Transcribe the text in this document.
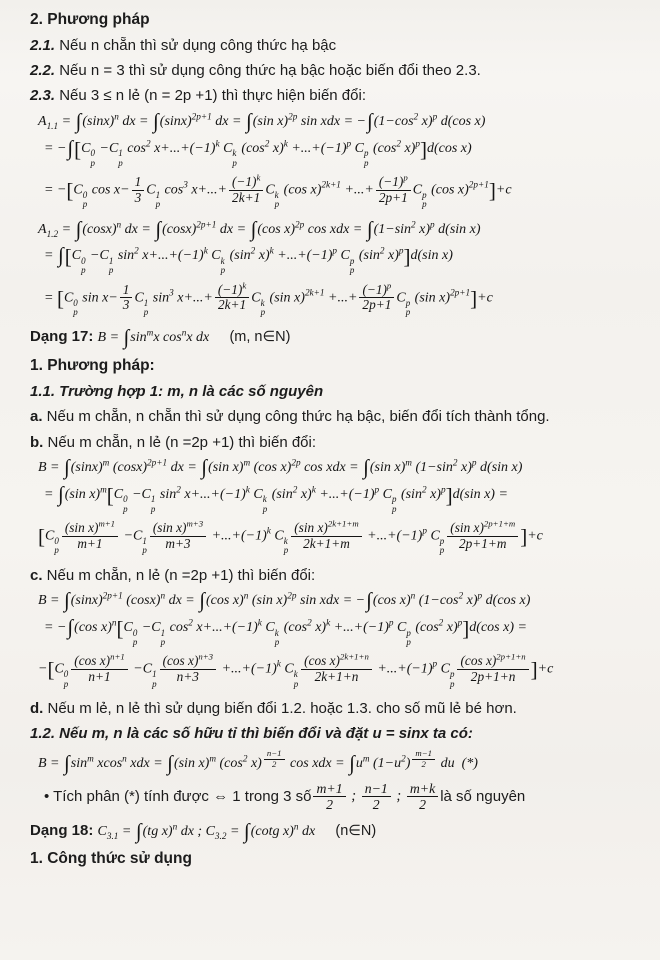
2. Phương pháp
2.1. Nếu n chẵn thì sử dụng công thức hạ bậc
2.2. Nếu n = 3 thì sử dụng công thức hạ bậc hoặc biến đổi theo 2.3.
2.3. Nếu 3 ≤ n lẻ (n = 2p +1) thì thực hiện biến đổi:
$A_{1.1} = \int(\sin x)^n$ dx = $\int(\sin x)^{2p+1}$ dx = ∫(sin x)$^{2p}$ sin xdx = $-\int(1-\cos^2$ x)$^p$ d(cos x)
= −∫[C 0
p
−C 1
p
$\cos^2 x+...+(-1)^k$ C k
p
($\cos^2$ $x)^k +...+(-1)^p$ C p
p
($\cos^2$ x)$^p$]d(cos x)
= −[C 0
p
$\cos x- \frac{1}{3}$ C 1
p
$\cos^3 x+...+ \frac{(-1)^k}{2k+1}$ C k
p
(cos x)$^{2k+1}$ +...+ $\frac{(-1)^p}{2p+1}$ C p
p
(cos x)$^{2p+1}$]+c
$A_{1.2} = \int(\cos x)^n$ dx = $\int(\cos x)^{2p+1}$ dx = ∫(cos x)$^{2p}$ cos xdx = $\int(1-\sin^2$ x)$^p$ d(sin x)
= ∫[C 0
p
−C 1
p
$\sin^2 x+...+(-1)^k$ C k
p
($\sin^2$ $x)^k +...+(-1)^p$ C p
p
($\sin^2$ x)$^p$]d(sin x)
= [C 0
p
$\sin x- \frac{1}{3}$ C 1
p
$\sin^3 x+...+ \frac{(-1)^k}{2k+1}$ C k
p
(sin x)$^{2k+1}$ +...+ $\frac{(-1)^p}{2p+1}$ C p
p
(sin x)$^{2p+1}$]+c
Dạng 17: $B = \int\sin^mx$ $\cos^nx$ dx (m, n∈N)
1. Phương pháp:
1.1. Trường hợp 1: m, n là các số nguyên
a. Nếu m chẵn, n chẵn thì sử dụng công thức hạ bậc, biến đổi tích thành tổng.
b. Nếu m chẵn, n lẻ (n =2p +1) thì biến đổi:
$B = \int(\sin x)^m$ $(\cos x)^{2p+1}$ dx = ∫(sin x)$^m$ (cos x)$^{2p}$ cos xdx = ∫(sin x)$^m$ ($1-\sin^2$ x)$^p$ d(sin x)
= ∫(sin x)$^m$[C 0
p
−C 1
p
$\sin^2 x+...+(-1)^k$ C k
p
($\sin^2$ $x)^k +...+(-1)^p$ C p
p
($\sin^2$ x)$^p$]d(sin x) =
[C 0
p $\frac{(\sin x)^{m+1}}{m+1} -C$ 1
p $\frac{(\sin x)^{m+3}}{m+3} +...+(-1)^k$ C k
p $\frac{(\sin x)^{2k+1+m}}{2k+1+m} +...+(-1)^p$ C p
p $\frac{(\sin x)^{2p+1+m}}{2p+1+m} ]+c$
c. Nếu m chẵn, n lẻ (n =2p +1) thì biến đổi:
$B = \int(\sin x)^{2p+1}$ $(\cos x)^n$ dx = ∫(cos x)$^n$ (sin x)$^{2p}$ sin xdx = −∫(cos x)$^n$ ($1-\cos^2$ x)$^p$ d(cos x)
= −∫(cos x)$^n$[C 0
p
−C 1
p
$\cos^2 x+...+(-1)^k$ C k
p
($\cos^2$ $x)^k +...+(-1)^p$ C p
p
($\cos^2$ x)$^p$]d(cos x) =
−[C 0
p $\frac{(\cos x)^{n+1}}{n+1} -C$ 1
p $\frac{(\cos x)^{n+3}}{n+3} +...+(-1)^k$ C k
p $\frac{(\cos x)^{2k+1+n}}{2k+1+n} +...+(-1)^p$ C p
p $\frac{(\cos x)^{2p+1+n}}{2p+1+n} ]+c$
d. Nếu m lẻ, n lẻ thì sử dụng biến đổi 1.2. hoặc 1.3. cho số mũ lẻ bé hơn.
1.2. Nếu m, n là các số hữu tỉ thì biến đổi và đặt u = sinx ta có:
$B = \int\sin^m$ xcos$^n$ xdx = ∫(sin x)$^m$ ($\cos^2$ x) $^{\frac{n-1}{2}}$ cos xdx = $\int u^m$ $(1-u^2)$ $^{\frac{m-1}{2}}$ du  (*)
• Tích phân (*) tính được ⇔ 1 trong 3 số $\frac{m+1}{2}$ ; $\frac{n-1}{2}$ ; $\frac{m+k}{2}$ là số nguyên
Dạng 18: $C_{3.1} = \int(tg$ x)$^n$ dx ; $C_{3.2} = \int(\cot g$ x)$^n$ dx (n∈N)
1. Công thức sử dụng
